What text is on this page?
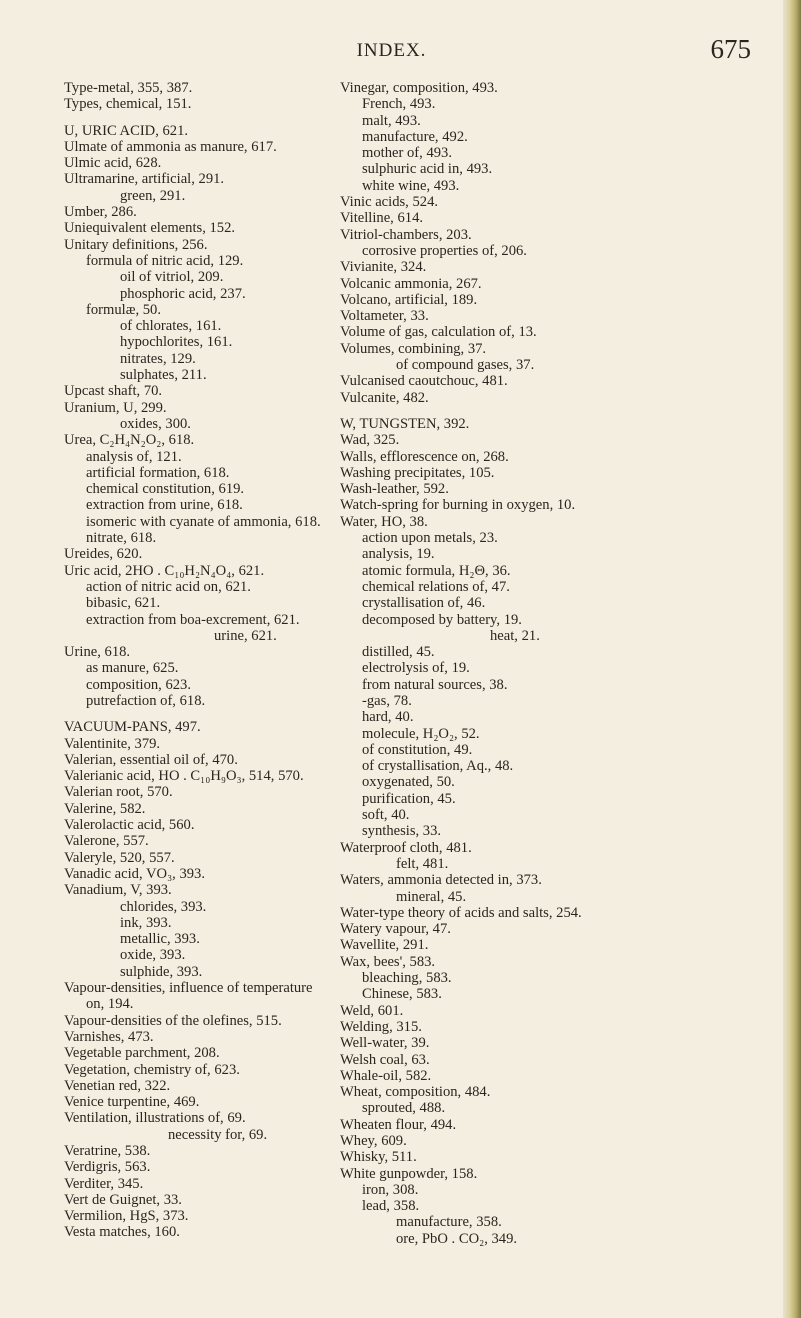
INDEX.	675
Type-metal, 355, 387.
Types, chemical, 151.
U, URIC ACID, 621.
Ulmate of ammonia as manure, 617.
Ulmic acid, 628.
Ultramarine, artificial, 291.
green, 291.
Umber, 286.
Uniequivalent elements, 152.
Unitary definitions, 256.
formula of nitric acid, 129.
oil of vitriol, 209.
phosphoric acid, 237.
formulæ, 50.
of chlorates, 161.
hypochlorites, 161.
nitrates, 129.
sulphates, 211.
Upcast shaft, 70.
Uranium, U, 299.
oxides, 300.
Urea, C₂H₄N₂O₂, 618.
analysis of, 121.
artificial formation, 618.
chemical constitution, 619.
extraction from urine, 618.
isomeric with cyanate of ammonia, 618.
nitrate, 618.
Ureides, 620.
Uric acid, 2HO . C₁₀H₂N₄O₄, 621.
action of nitric acid on, 621.
bibasic, 621.
extraction from boa-excrement, 621.
urine, 621.
Urine, 618.
as manure, 625.
composition, 623.
putrefaction of, 618.
VACUUM-PANS, 497.
Valentinite, 379.
Valerian, essential oil of, 470.
Valerianic acid, HO . C₁₀H₉O₃, 514, 570.
Valerian root, 570.
Valerine, 582.
Valerolactic acid, 560.
Valerone, 557.
Valeryle, 520, 557.
Vanadic acid, VO₃, 393.
Vanadium, V, 393.
chlorides, 393.
ink, 393.
metallic, 393.
oxide, 393.
sulphide, 393.
Vapour-densities, influence of temperature
on, 194.
Vapour-densities of the olefines, 515.
Varnishes, 473.
Vegetable parchment, 208.
Vegetation, chemistry of, 623.
Venetian red, 322.
Venice turpentine, 469.
Ventilation, illustrations of, 69.
necessity for, 69.
Veratrine, 538.
Verdigris, 563.
Verditer, 345.
Vert de Guignet, 33.
Vermilion, HgS, 373.
Vesta matches, 160.
Vinegar, composition, 493.
French, 493.
malt, 493.
manufacture, 492.
mother of, 493.
sulphuric acid in, 493.
white wine, 493.
Vinic acids, 524.
Vitelline, 614.
Vitriol-chambers, 203.
corrosive properties of, 206.
Vivianite, 324.
Volcanic ammonia, 267.
Volcano, artificial, 189.
Voltameter, 33.
Volume of gas, calculation of, 13.
Volumes, combining, 37.
of compound gases, 37.
Vulcanised caoutchouc, 481.
Vulcanite, 482.
W, TUNGSTEN, 392.
Wad, 325.
Walls, efflorescence on, 268.
Washing precipitates, 105.
Wash-leather, 592.
Watch-spring for burning in oxygen, 10.
Water, HO, 38.
action upon metals, 23.
analysis, 19.
atomic formula, H₂Θ, 36.
chemical relations of, 47.
crystallisation of, 46.
decomposed by battery, 19.
heat, 21.
distilled, 45.
electrolysis of, 19.
from natural sources, 38.
-gas, 78.
hard, 40.
molecule, H₂O₂, 52.
of constitution, 49.
of crystallisation, Aq., 48.
oxygenated, 50.
purification, 45.
soft, 40.
synthesis, 33.
Waterproof cloth, 481.
felt, 481.
Waters, ammonia detected in, 373.
mineral, 45.
Water-type theory of acids and salts, 254.
Watery vapour, 47.
Wavellite, 291.
Wax, bees', 583.
bleaching, 583.
Chinese, 583.
Weld, 601.
Welding, 315.
Well-water, 39.
Welsh coal, 63.
Whale-oil, 582.
Wheat, composition, 484.
sprouted, 488.
Wheaten flour, 494.
Whey, 609.
Whisky, 511.
White gunpowder, 158.
iron, 308.
lead, 358.
manufacture, 358.
ore, PbO . CO₂, 349.
